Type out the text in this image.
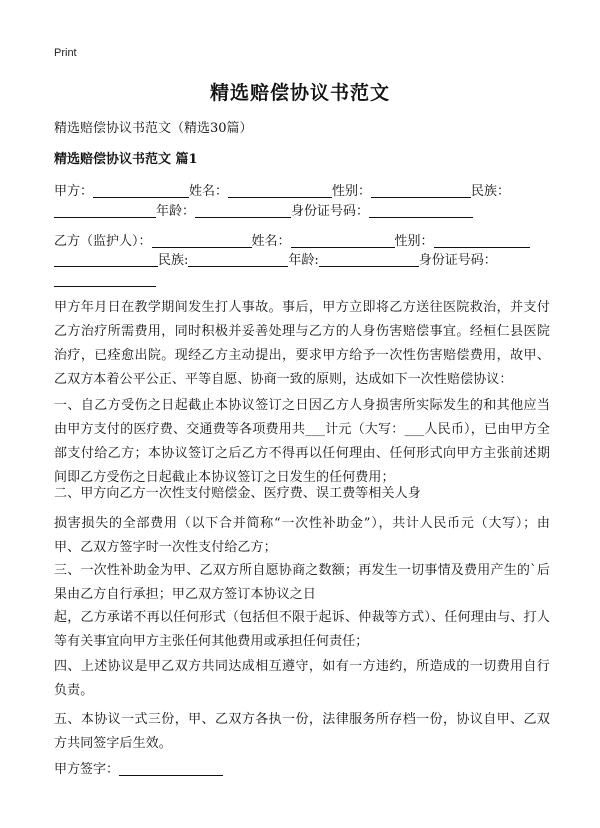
Print
精选赔偿协议书范文
精选赔偿协议书范文（精选30篇）
精选赔偿协议书范文 篇1
甲方：	姓名：	性别：	民族：
年龄：	身份证号码：
乙方（监护人）：	姓名：	性别：
民族:	年龄:	身份证号码：
甲方年月日在教学期间发生打人事故。事后，甲方立即将乙方送往医院救治，并支付乙方治疗所需费用，同时积极并妥善处理与乙方的人身伤害赔偿事宜。经桓仁县医院治疗，已痊愈出院。现经乙方主动提出，要求甲方给予一次性伤害赔偿费用，故甲、乙双方本着公平公正、平等自愿、协商一致的原则，达成如下一次性赔偿协议：
一、自乙方受伤之日起截止本协议签订之日因乙方人身损害所实际发生的和其他应当由甲方支付的医疗费、交通费等各项费用共___计元（大写：___人民币），已由甲方全部支付给乙方；本协议签订之后乙方不得再以任何理由、任何形式向甲方主张前述期间即乙方受伤之日起截止本协议签订之日发生的任何费用；
二、甲方向乙方一次性支付赔偿金、医疗费、误工费等相关人身
损害损失的全部费用（以下合并简称“一次性补助金”），共计人民币元（大写）；由甲、乙双方签字时一次性支付给乙方；
三、一次性补助金为甲、乙双方所自愿协商之数额；再发生一切事情及费用产生的`后果由乙方自行承担；甲乙双方签订本协议之日
起，乙方承诺不再以任何形式（包括但不限于起诉、仲裁等方式）、任何理由与、打人等有关事宜向甲方主张任何其他费用或承担任何责任；
四、上述协议是甲乙双方共同达成相互遵守，如有一方违约，所造成的一切费用自行负责。
五、本协议一式三份，甲、乙双方各执一份，法律服务所存档一份，协议自甲、乙双方共同签字后生效。
甲方签字：
